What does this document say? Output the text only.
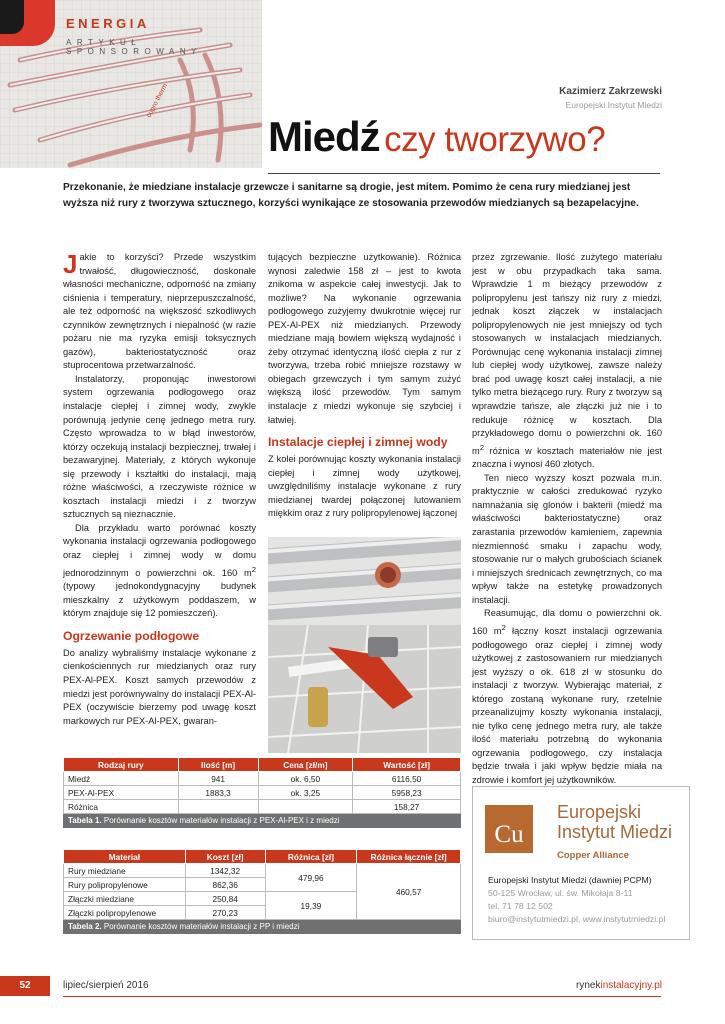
cupro therm
ENERGIA
ARTYKUŁ SPONSOROWANY
Kazimierz Zakrzewski
Europejski Instytut Miedzi
Miedź czy tworzywo?
Przekonanie, że miedziane instalacje grzewcze i sanitarne są drogie, jest mitem. Pomimo że cena rury miedzianej jest wyższa niż rury z tworzywa sztucznego, korzyści wynikające ze stosowania przewodów miedzianych są bezapelacyjne.

Jakie to korzyści? Przede wszystkim trwałość, długowieczność, doskonałe własności mechaniczne, odporność na zmiany ciśnienia i temperatury, nieprzepuszczalność, ale też odporność na większość szkodliwych czynników zewnętrznych i niepalność (w razie pożaru nie ma ryzyka emisji toksycznych gazów), bakteriostatyczność oraz stuprocentowa przetwarzalność.

Instalatorzy, proponując inwestorowi system ogrzewania podłogowego oraz instalacje ciepłej i zimnej wody, zwykle porównują jedynie cenę jednego metra rury. Często wprowadza to w błąd inwestorów, którzy oczekują instalacji bezpiecznej, trwałej i bezawaryjnej. Materiały, z których wykonuje się przewody i kształtki do instalacji, mają różne właściwości, a rzeczywiste różnice w kosztach instalacji miedzi i z tworzyw sztucznych są nieznacznie.

Dla przykładu warto porównać koszty wykonania instalacji ogrzewania podłogowego oraz ciepłej i zimnej wody w domu jednorodzinnym o powierzchni ok. 160 $m^2$ (typowy jednokondygnacyjny budynek mieszkalny z użytkowym poddaszem, w którym znajduje się 12 pomieszczeń).

Ogrzewanie podłogowe

Do analizy wybraliśmy instalacje wykonane z cienkościennych rur miedzianych oraz rury PEX-Al-PEX. Koszt samych przewodów z miedzi jest porównywalny do instalacji PEX-Al-PEX (oczywiście bierzemy pod uwagę koszt markowych rur PEX-Al-PEX, gwaran-

tujących bezpieczne użytkowanie). Różnica wynosi zaledwie 158 zł – jest to kwota znikoma w aspekcie całej inwestycji. Jak to możliwe? Na wykonanie ogrzewania podłogowego zużyjemy dwukrotnie więcej rur PEX-Al-PEX niż miedzianych. Przewody miedziane mają bowiem większą wydajność i żeby otrzymać identyczną ilość ciepła z rur z tworzywa, trzeba robić mniejsze rozstawy w obiegach grzewczych i tym samym zużyć większą ilość przewodów. Tym samym instalacje z miedzi wykonuje się szybciej i łatwiej.

Instalacje ciepłej i zimnej wody

Z kolei porównując koszty wykonania instalacji ciepłej i zimnej wody użytkowej, uwzględniliśmy instalacje wykonane z rury miedzianej twardej połączonej lutowaniem miękkim oraz z rury polipropylenowej łączonej

przez zgrzewanie. Ilość zużytego materiału jest w obu przypadkach taka sama. Wprawdzie 1 m bieżący przewodów z polipropylenu jest tańszy niż rury z miedzi, jednak koszt złączek w instalacjach polipropylenowych nie jest mniejszy od tych stosowanych w instalacjach miedzianych. Porównując cenę wykonania instalacji zimnej lub ciepłej wody użytkowej, zawsze należy brać pod uwagę koszt całej instalacji, a nie tylko metra bieżącego rury. Rury z tworzyw są wprawdzie tańsze, ale złączki już nie i to redukuje różnicę w kosztach. Dla przykładowego domu o powierzchni ok. 160 $m^2$ różnica w kosztach materiałów nie jest znaczna i wynosi 460 złotych.

Ten nieco wyższy koszt pozwala m.in. praktycznie w całości zredukować ryzyko namnażania się glonów i bakterii (miedź ma właściwości bakteriostatyczne) oraz zarastania przewodów kamieniem, zapewnia niezmienność smaku i zapachu wody, stosowanie rur o małych grubościach ścianek i mniejszych średnicach zewnętrznych, co ma wpływ także na estetykę prowadzonych instalacji.

Reasumując, dla domu o powierzchni ok. 160 $m^2$ łączny koszt instalacji ogrzewania podłogowego oraz ciepłej i zimnej wody użytkowej z zastosowaniem rur miedzianych jest wyższy o ok. 618 zł w stosunku do instalacji z tworzyw. Wybierając materiał, z którego zostaną wykonane rury, rzetelnie przeanalizujmy koszty wykonania instalacji, nie tylko cenę jednego metra rury, ale także ilość materiału potrzebną do wykonania ogrzewania podłogowego, czy instalacja będzie trwała i jaki wpływ będzie miała na zdrowie i komfort jej użytkowników.

Rodzaj rury	Ilość [m]	Cena [zł/m]	Wartość [zł]
Miedź	941	ok. 6,50	6116,50
PEX-Al-PEX	1883,3	ok. 3,25	5958,23
Różnica			158,27
Tabela 1. Porównanie kosztów materiałów instalacji z PEX-Al-PEX i z miedzi			
Materiał	Koszt [zł]	Różnica [zł]	Różnica łącznie [zł]
Rury miedziane	1342,32	479,96	460,57
Rury polipropylenowe	862,36		
Złączki miedziane	250,84	19,39	
Złączki polipropylenowe	270,23		
Tabela 2. Porównanie kosztów materiałów instalacji z PP i miedzi			
Cu
Europejski
Instytut Miedzi
Copper Alliance
Europejski Instytut Miedzi (dawniej PCPM)
50-125 Wrocław, ul. św. Mikołaja 8-11
tel. 71 78 12 502
biuro@instytutmiedzi.pl, www.instytutmiedzi.pl
52	lipiec/sierpień 2016	rynekinstalacyjny.pl
